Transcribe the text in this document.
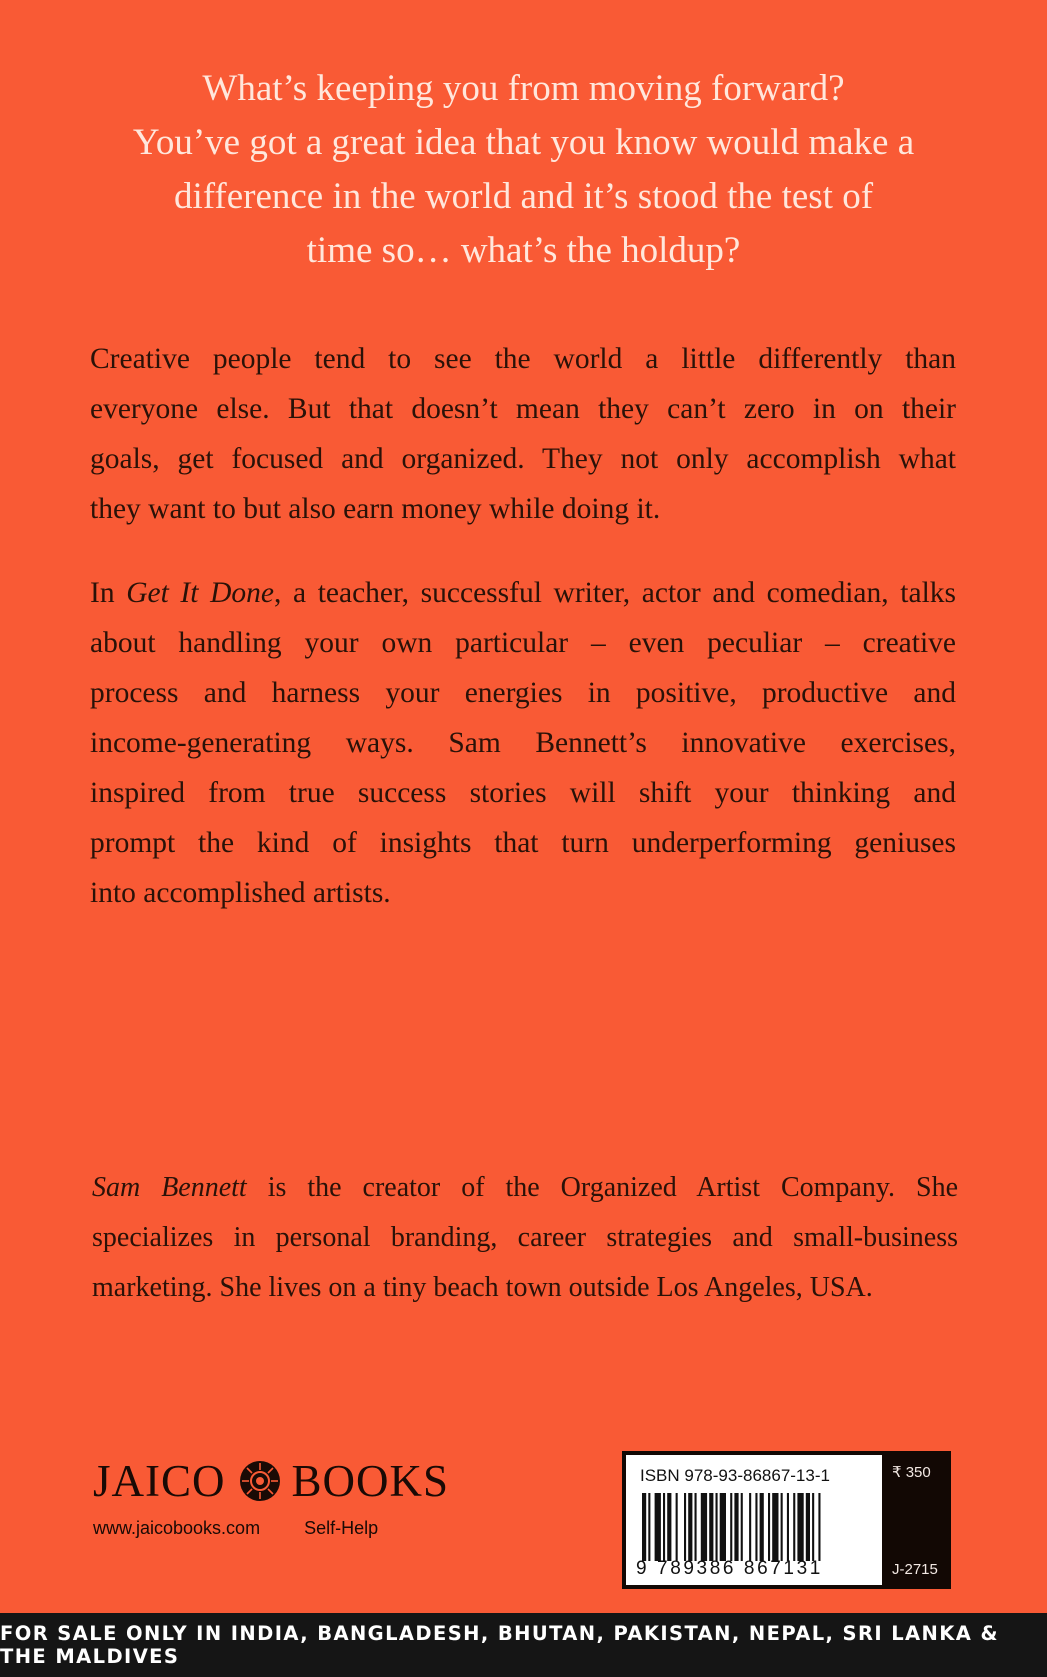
What’s keeping you from moving forward?
You’ve got a great idea that you know would make a
difference in the world and it’s stood the test of
time so… what’s the holdup?

Creative people tend to see the world a little differently than
everyone else. But that doesn’t mean they can’t zero in on their
goals, get focused and organized. They not only accomplish what
they want to but also earn money while doing it.

In Get It Done, a teacher, successful writer, actor and comedian, talks
about handling your own particular – even peculiar – creative
process and harness your energies in positive, productive and
income-generating ways. Sam Bennett’s innovative exercises,
inspired from true success stories will shift your thinking and
prompt the kind of insights that turn underperforming geniuses
into accomplished artists.

Sam Bennett is the creator of the Organized Artist Company. She
specializes in personal branding, career strategies and small-business
marketing. She lives on a tiny beach town outside Los Angeles, USA.

JAICO BOOKS
www.jaicobooks.com Self-Help
ISBN 978-93-86867-13-1
9 789386 867131
₹ 350
J-2715
FOR SALE ONLY IN INDIA, BANGLADESH, BHUTAN, PAKISTAN, NEPAL, SRI LANKA & THE MALDIVES
